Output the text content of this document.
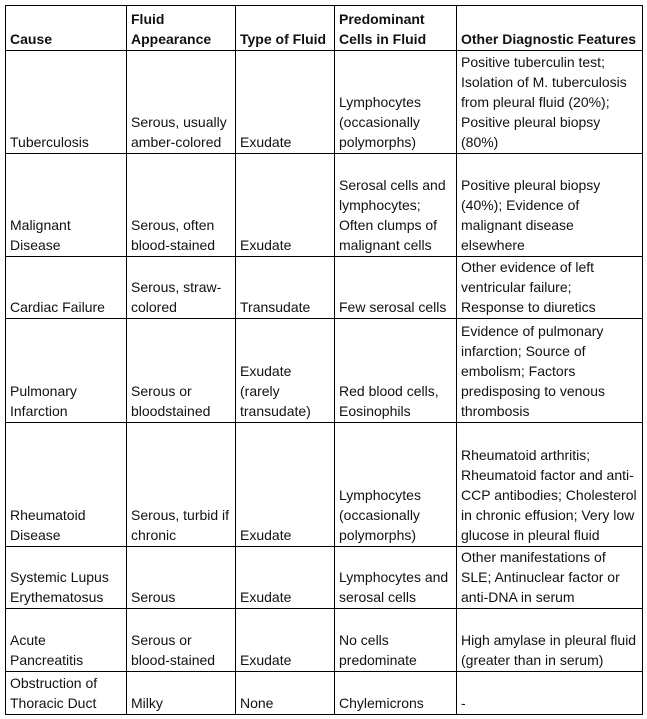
Cause	Fluid Appearance	Type of Fluid	Predominant Cells in Fluid	Other Diagnostic Features
Tuberculosis	Serous, usually amber-colored	Exudate	Lymphocytes (occasionally polymorphs)	Positive tuberculin test; Isolation of M. tuberculosis from pleural fluid (20%); Positive pleural biopsy (80%)
Malignant Disease	Serous, often blood-stained	Exudate	Serosal cells and lymphocytes; Often clumps of malignant cells	Positive pleural biopsy (40%); Evidence of malignant disease elsewhere
Cardiac Failure	Serous, straw-colored	Transudate	Few serosal cells	Other evidence of left ventricular failure; Response to diuretics
Pulmonary Infarction	Serous or bloodstained	Exudate (rarely transudate)	Red blood cells, Eosinophils	Evidence of pulmonary infarction; Source of embolism; Factors predisposing to venous thrombosis
Rheumatoid Disease	Serous, turbid if chronic	Exudate	Lymphocytes (occasionally polymorphs)	Rheumatoid arthritis; Rheumatoid factor and anti-CCP antibodies; Cholesterol in chronic effusion; Very low glucose in pleural fluid
Systemic Lupus Erythematosus	Serous	Exudate	Lymphocytes and serosal cells	Other manifestations of SLE; Antinuclear factor or anti-DNA in serum
Acute Pancreatitis	Serous or blood-stained	Exudate	No cells predominate	High amylase in pleural fluid (greater than in serum)
Obstruction of Thoracic Duct	Milky	None	Chylemicrons	-
